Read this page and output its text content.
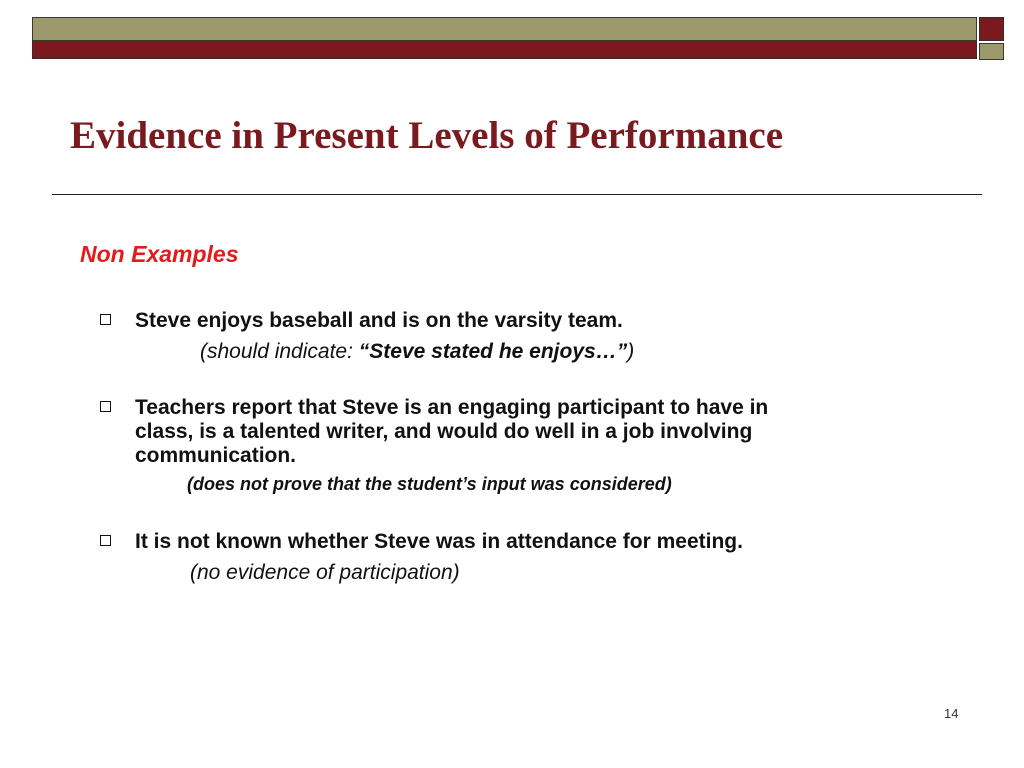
Evidence in Present Levels of Performance
Non Examples
Steve enjoys baseball and is on the varsity team.
(should indicate: “Steve stated he enjoys…”)
Teachers report that Steve is an engaging participant to have in
class, is a talented writer, and would do well in a job involving
communication.
(does not prove that the student’s input was considered)
It is not known whether Steve was in attendance for meeting.
(no evidence of participation)
14
